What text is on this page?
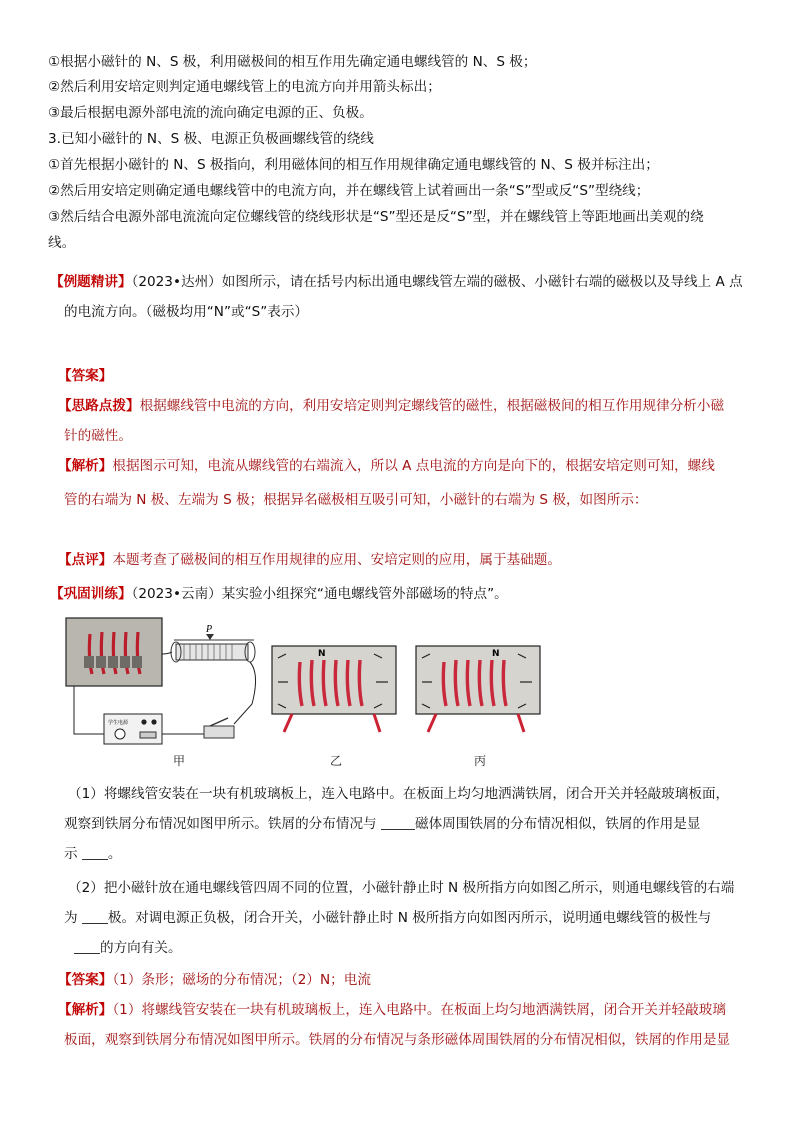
①根据小磁针的 N、S 极，利用磁极间的相互作用先确定通电螺线管的 N、S 极；
②然后利用安培定则判定通电螺线管上的电流方向并用箭头标出；
③最后根据电源外部电流的流向确定电源的正、负极。
3.已知小磁针的 N、S 极、电源正负极画螺线管的绕线
①首先根据小磁针的 N、S 极指向，利用磁体间的相互作用规律确定通电螺线管的 N、S 极并标注出；
②然后用安培定则确定通电螺线管中的电流方向，并在螺线管上试着画出一条“S”型或反“S”型绕线；
③然后结合电源外部电流流向定位螺线管的绕线形状是“S”型还是反“S”型，并在螺线管上等距地画出美观的绕
线。
【例题精讲】（2023•达州）如图所示，请在括号内标出通电螺线管左端的磁极、小磁针右端的磁极以及导线上 A 点
的电流方向。（磁极均用“N”或“S”表示）
【答案】
【思路点拨】根据螺线管中电流的方向，利用安培定则判定螺线管的磁性，根据磁极间的相互作用规律分析小磁
针的磁性。
【解析】根据图示可知，电流从螺线管的右端流入，所以 A 点电流的方向是向下的，根据安培定则可知，螺线
管的右端为 N 极、左端为 S 极；根据异名磁极相互吸引可知，小磁针的右端为 S 极，如图所示：
【点评】本题考查了磁极间的相互作用规律的应用、安培定则的应用，属于基础题。
【巩固训练】（2023•云南）某实验小组探究“通电螺线管外部磁场的特点”。
P
学生电源
甲
N
乙
N
丙
（1）将螺线管安装在一块有机玻璃板上，连入电路中。在板面上均匀地洒满铁屑，闭合开关并轻敲玻璃板面，
观察到铁屑分布情况如图甲所示。铁屑的分布情况与	磁体周围铁屑的分布情况相似，铁屑的作用是显
示 。
（2）把小磁针放在通电螺线管四周不同的位置，小磁针静止时 N 极所指方向如图乙所示，则通电螺线管的右端
为 极。对调电源正负极，闭合开关，小磁针静止时 N 极所指方向如图丙所示，说明通电螺线管的极性与
的方向有关。
【答案】（1）条形；磁场的分布情况；（2）N；电流
【解析】（1）将螺线管安装在一块有机玻璃板上，连入电路中。在板面上均匀地洒满铁屑，闭合开关并轻敲玻璃
板面，观察到铁屑分布情况如图甲所示。铁屑的分布情况与条形磁体周围铁屑的分布情况相似，铁屑的作用是显
